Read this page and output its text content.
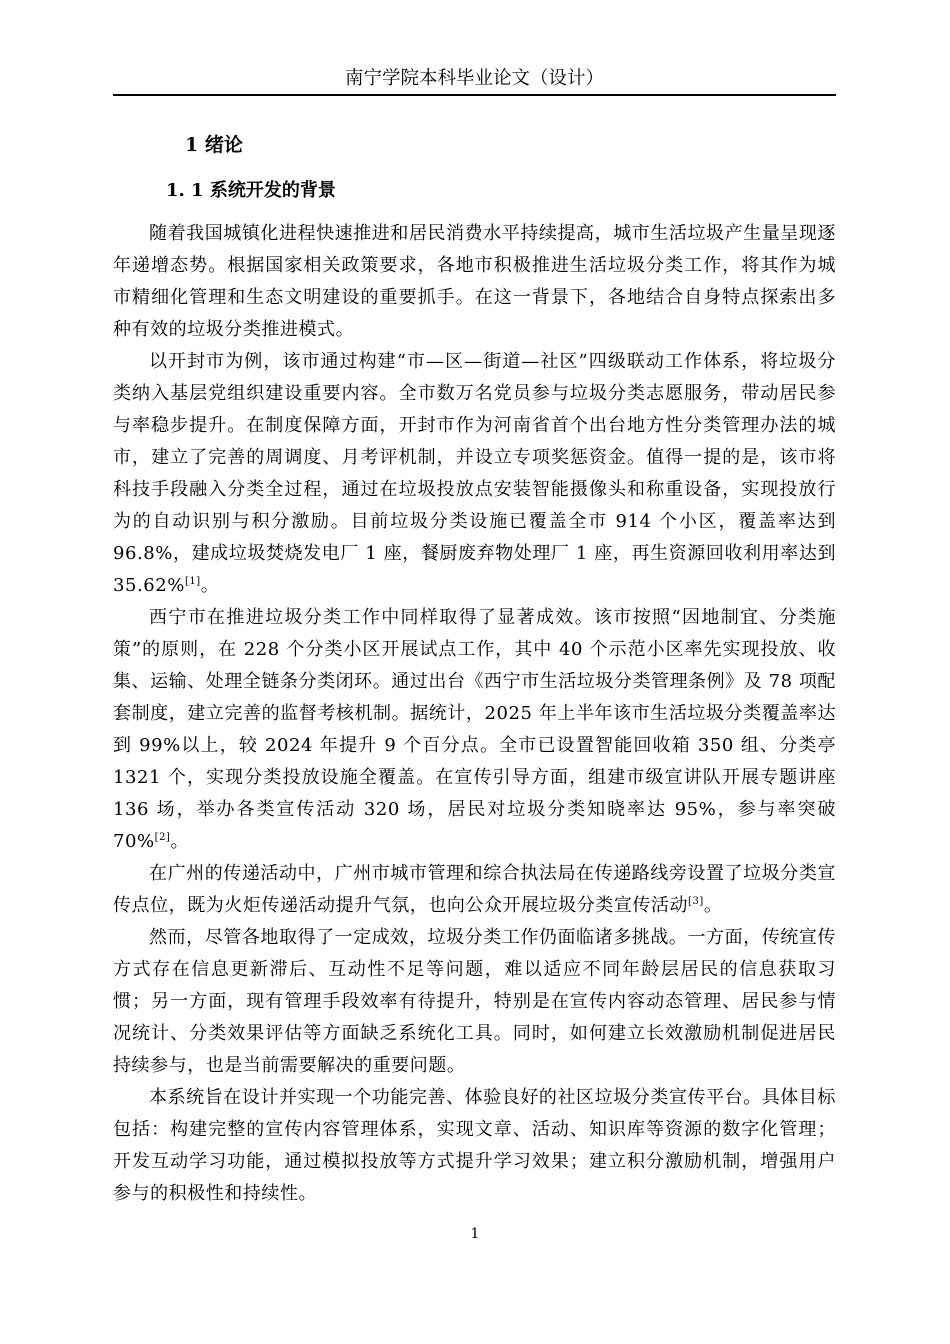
南宁学院本科毕业论文（设计）
1 绪论
1. 1 系统开发的背景

随着我国城镇化进程快速推进和居民消费水平持续提高，城市生活垃圾产生量呈现逐年递增态势。根据国家相关政策要求，各地市积极推进生活垃圾分类工作，将其作为城市精细化管理和生态文明建设的重要抓手。在这一背景下，各地结合自身特点探索出多种有效的垃圾分类推进模式。

以开封市为例，该市通过构建“市—区—街道—社区”四级联动工作体系，将垃圾分类纳入基层党组织建设重要内容。全市数万名党员参与垃圾分类志愿服务，带动居民参与率稳步提升。在制度保障方面，开封市作为河南省首个出台地方性分类管理办法的城市，建立了完善的周调度、月考评机制，并设立专项奖惩资金。值得一提的是，该市将科技手段融入分类全过程，通过在垃圾投放点安装智能摄像头和称重设备，实现投放行为的自动识别与积分激励。目前垃圾分类设施已覆盖全市 914 个小区，覆盖率达到 96.8%，建成垃圾焚烧发电厂 1 座，餐厨废弃物处理厂 1 座，再生资源回收利用率达到 35.62%[1]。

西宁市在推进垃圾分类工作中同样取得了显著成效。该市按照“因地制宜、分类施策”的原则，在 228 个分类小区开展试点工作，其中 40 个示范小区率先实现投放、收集、运输、处理全链条分类闭环。通过出台《西宁市生活垃圾分类管理条例》及 78 项配套制度，建立完善的监督考核机制。据统计，2025 年上半年该市生活垃圾分类覆盖率达到 99%以上，较 2024 年提升 9 个百分点。全市已设置智能回收箱 350 组、分类亭 1321 个，实现分类投放设施全覆盖。在宣传引导方面，组建市级宣讲队开展专题讲座 136 场，举办各类宣传活动 320 场，居民对垃圾分类知晓率达 95%，参与率突破 70%[2]。

在广州的传递活动中，广州市城市管理和综合执法局在传递路线旁设置了垃圾分类宣传点位，既为火炬传递活动提升气氛，也向公众开展垃圾分类宣传活动[3]。

然而，尽管各地取得了一定成效，垃圾分类工作仍面临诸多挑战。一方面，传统宣传方式存在信息更新滞后、互动性不足等问题，难以适应不同年龄层居民的信息获取习惯；另一方面，现有管理手段效率有待提升，特别是在宣传内容动态管理、居民参与情况统计、分类效果评估等方面缺乏系统化工具。同时，如何建立长效激励机制促进居民持续参与，也是当前需要解决的重要问题。

本系统旨在设计并实现一个功能完善、体验良好的社区垃圾分类宣传平台。具体目标包括：构建完整的宣传内容管理体系，实现文章、活动、知识库等资源的数字化管理；开发互动学习功能，通过模拟投放等方式提升学习效果；建立积分激励机制，增强用户参与的积极性和持续性。

1
